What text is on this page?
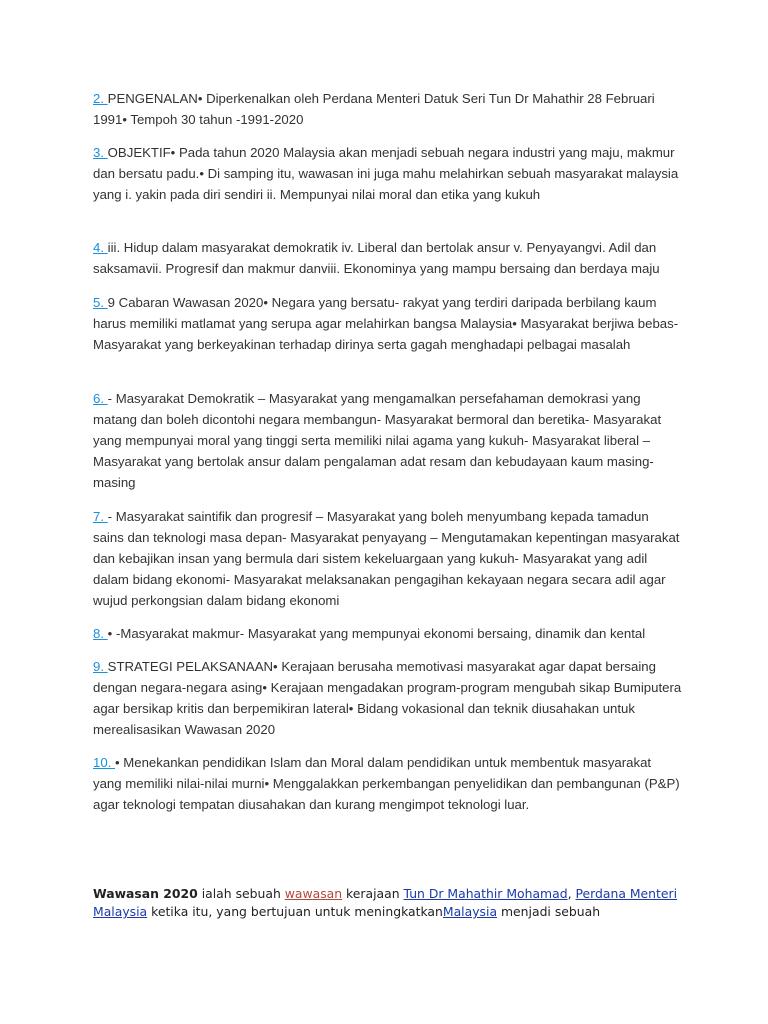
2. PENGENALAN• Diperkenalkan oleh Perdana Menteri Datuk Seri Tun Dr Mahathir 28 Februari 1991• Tempoh 30 tahun -1991-2020

3. OBJEKTIF• Pada tahun 2020 Malaysia akan menjadi sebuah negara industri yang maju, makmur dan bersatu padu.• Di samping itu, wawasan ini juga mahu melahirkan sebuah masyarakat malaysia yang i. yakin pada diri sendiri ii. Mempunyai nilai moral dan etika yang kukuh

4. iii. Hidup dalam masyarakat demokratik iv. Liberal dan bertolak ansur v. Penyayangvi. Adil dan saksamavii. Progresif dan makmur danviii. Ekonominya yang mampu bersaing dan berdaya maju

5. 9 Cabaran Wawasan 2020• Negara yang bersatu- rakyat yang terdiri daripada berbilang kaum harus memiliki matlamat yang serupa agar melahirkan bangsa Malaysia• Masyarakat berjiwa bebas- Masyarakat yang berkeyakinan terhadap dirinya serta gagah menghadapi pelbagai masalah

6. - Masyarakat Demokratik – Masyarakat yang mengamalkan persefahaman demokrasi yang matang dan boleh dicontohi negara membangun- Masyarakat bermoral dan beretika- Masyarakat yang mempunyai moral yang tinggi serta memiliki nilai agama yang kukuh- Masyarakat liberal – Masyarakat yang bertolak ansur dalam pengalaman adat resam dan kebudayaan kaum masing-masing

7. - Masyarakat saintifik dan progresif – Masyarakat yang boleh menyumbang kepada tamadun sains dan teknologi masa depan- Masyarakat penyayang – Mengutamakan kepentingan masyarakat dan kebajikan insan yang bermula dari sistem kekeluargaan yang kukuh- Masyarakat yang adil dalam bidang ekonomi- Masyarakat melaksanakan pengagihan kekayaan negara secara adil agar wujud perkongsian dalam bidang ekonomi

8. • -Masyarakat makmur- Masyarakat yang mempunyai ekonomi bersaing, dinamik dan kental

9. STRATEGI PELAKSANAAN• Kerajaan berusaha memotivasi masyarakat agar dapat bersaing dengan negara-negara asing• Kerajaan mengadakan program-program mengubah sikap Bumiputera agar bersikap kritis dan berpemikiran lateral• Bidang vokasional dan teknik diusahakan untuk merealisasikan Wawasan 2020

10. • Menekankan pendidikan Islam dan Moral dalam pendidikan untuk membentuk masyarakat yang memiliki nilai-nilai murni• Menggalakkan perkembangan penyelidikan dan pembangunan (P&P) agar teknologi tempatan diusahakan dan kurang mengimpot teknologi luar.

Wawasan 2020 ialah sebuah wawasan kerajaan Tun Dr Mahathir Mohamad, Perdana Menteri Malaysia ketika itu, yang bertujuan untuk meningkatkanMalaysia menjadi sebuah
